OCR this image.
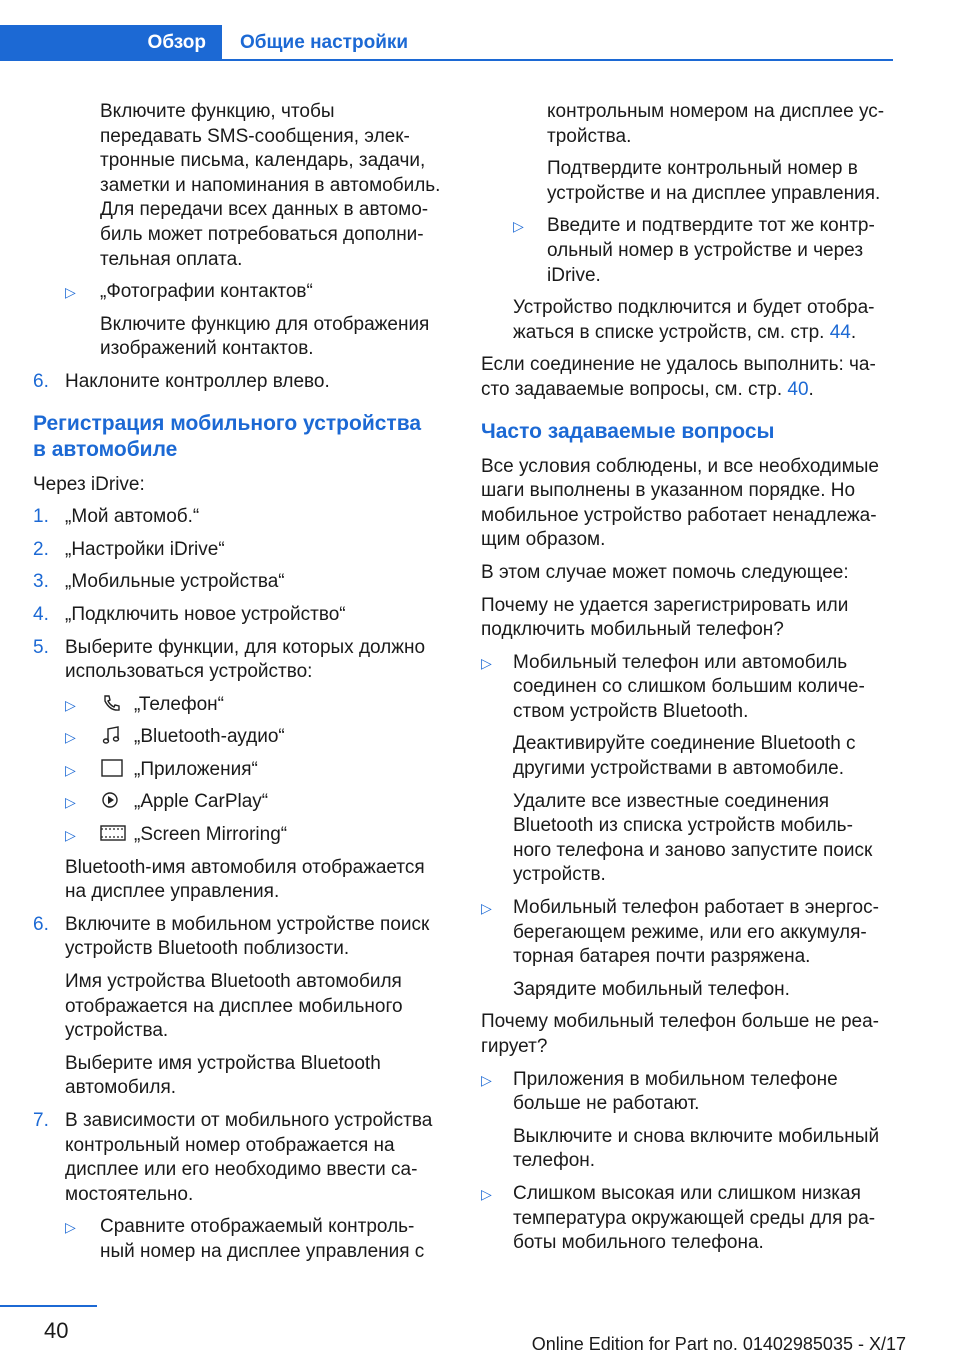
Обзор	Общие настройки

Включите функцию, чтобы
передавать SMS-сообщения, элек-
тронные письма, календарь, задачи,
заметки и напоминания в автомобиль.
Для передачи всех данных в автомо-
биль может потребоваться дополни-
тельная оплата.

▷ „Фотографии контактов“

Включите функцию для отображения
изображений контактов.

6. Наклоните контроллер влево.
Регистрация мобильного устройства
в автомобиле

Через iDrive:

1. „Мой автомоб.“
2. „Настройки iDrive“
3. „Мобильные устройства“
4. „Подключить новое устройство“
5. Выберите функции, для которых должно
использоваться устройство:
▷	„Телефон“
▷	„Bluetooth-аудио“
▷	„Приложения“
▷	„Apple CarPlay“
▷	„Screen Mirroring“

Bluetooth-имя автомобиля отображается
на дисплее управления.

6. Включите в мобильном устройстве поиск
устройств Bluetooth поблизости.

Имя устройства Bluetooth автомобиля
отображается на дисплее мобильного
устройства.

Выберите имя устройства Bluetooth
автомобиля.

7. В зависимости от мобильного устройства
контрольный номер отображается на
дисплее или его необходимо ввести са-
мостоятельно.
▷ Сравните отображаемый контроль-
ный номер на дисплее управления с

контрольным номером на дисплее ус-
тройства.

Подтвердите контрольный номер в
устройстве и на дисплее управления.

▷ Введите и подтвердите тот же контр-
ольный номер в устройстве и через
iDrive.

Устройство подключится и будет отобра-
жаться в списке устройств, см. стр. 44.

Если соединение не удалось выполнить: ча-
сто задаваемые вопросы, см. стр. 40.

Часто задаваемые вопросы

Все условия соблюдены, и все необходимые
шаги выполнены в указанном порядке. Но
мобильное устройство работает ненадлежа-
щим образом.

В этом случае может помочь следующее:

Почему не удается зарегистрировать или
подключить мобильный телефон?

▷ Мобильный телефон или автомобиль
соединен со слишком большим количе-
ством устройств Bluetooth.

Деактивируйте соединение Bluetooth с
другими устройствами в автомобиле.

Удалите все известные соединения
Bluetooth из списка устройств мобиль-
ного телефона и заново запустите поиск
устройств.

▷ Мобильный телефон работает в энергос-
берегающем режиме, или его аккумуля-
торная батарея почти разряжена.

Зарядите мобильный телефон.

Почему мобильный телефон больше не реа-
гирует?

▷ Приложения в мобильном телефоне
больше не работают.

Выключите и снова включите мобильный
телефон.

▷ Слишком высокая или слишком низкая
температура окружающей среды для ра-
боты мобильного телефона.
40
Online Edition for Part no. 01402985035 - X/17
